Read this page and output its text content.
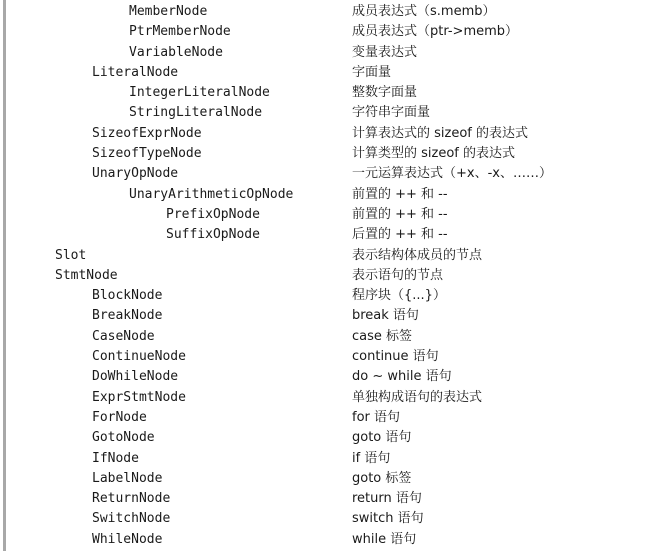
MemberNode	成员表达式（s.memb）
PtrMemberNode	成员表达式（ptr->memb）
VariableNode	变量表达式
LiteralNode	字面量
IntegerLiteralNode	整数字面量
StringLiteralNode	字符串字面量
SizeofExprNode	计算表达式的 sizeof 的表达式
SizeofTypeNode	计算类型的 sizeof 的表达式
UnaryOpNode	一元运算表达式（+x、-x、……）
UnaryArithmeticOpNode	前置的 ++ 和 --
PrefixOpNode	前置的 ++ 和 --
SuffixOpNode	后置的 ++ 和 --
Slot	表示结构体成员的节点
StmtNode	表示语句的节点
BlockNode	程序块（{...}）
BreakNode	break 语句
CaseNode	case 标签
ContinueNode	continue 语句
DoWhileNode	do ~ while 语句
ExprStmtNode	单独构成语句的表达式
ForNode	for 语句
GotoNode	goto 语句
IfNode	if 语句
LabelNode	goto 标签
ReturnNode	return 语句
SwitchNode	switch 语句
WhileNode	while 语句
